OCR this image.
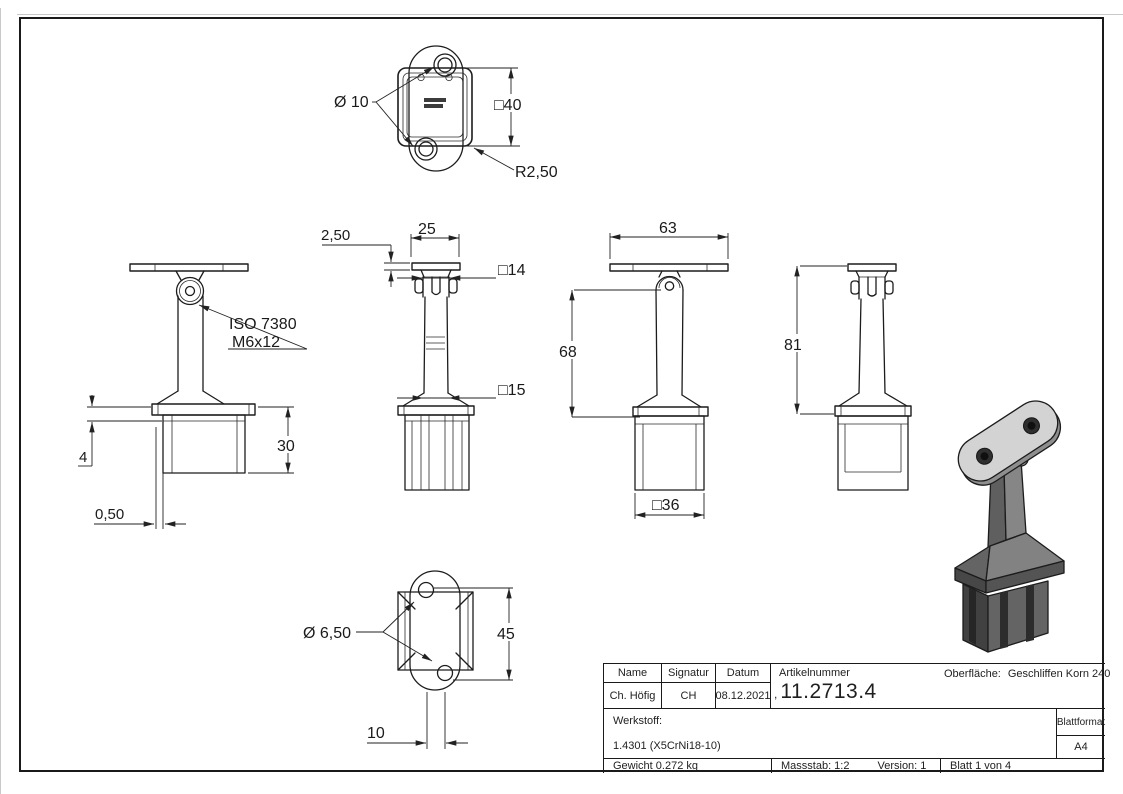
Ø 10	□40
R2,50
ISO 7380
M6x12
4
30
0,50
2,50	25
□14
□15
63
68
□36
81
Ø 6,50	45
10
Name	Signatur	Datum
Ch. Höfig	CH	08.12.2021
Artikelnummer
, 11.2713.4
Oberfläche: Geschliffen Korn 240
Werkstoff:
1.4301 (X5CrNi18-10)
Blattformat
A4
Gewicht 0.272 kg	Massstab: 1:2	Version: 1	Blatt 1 von 4
